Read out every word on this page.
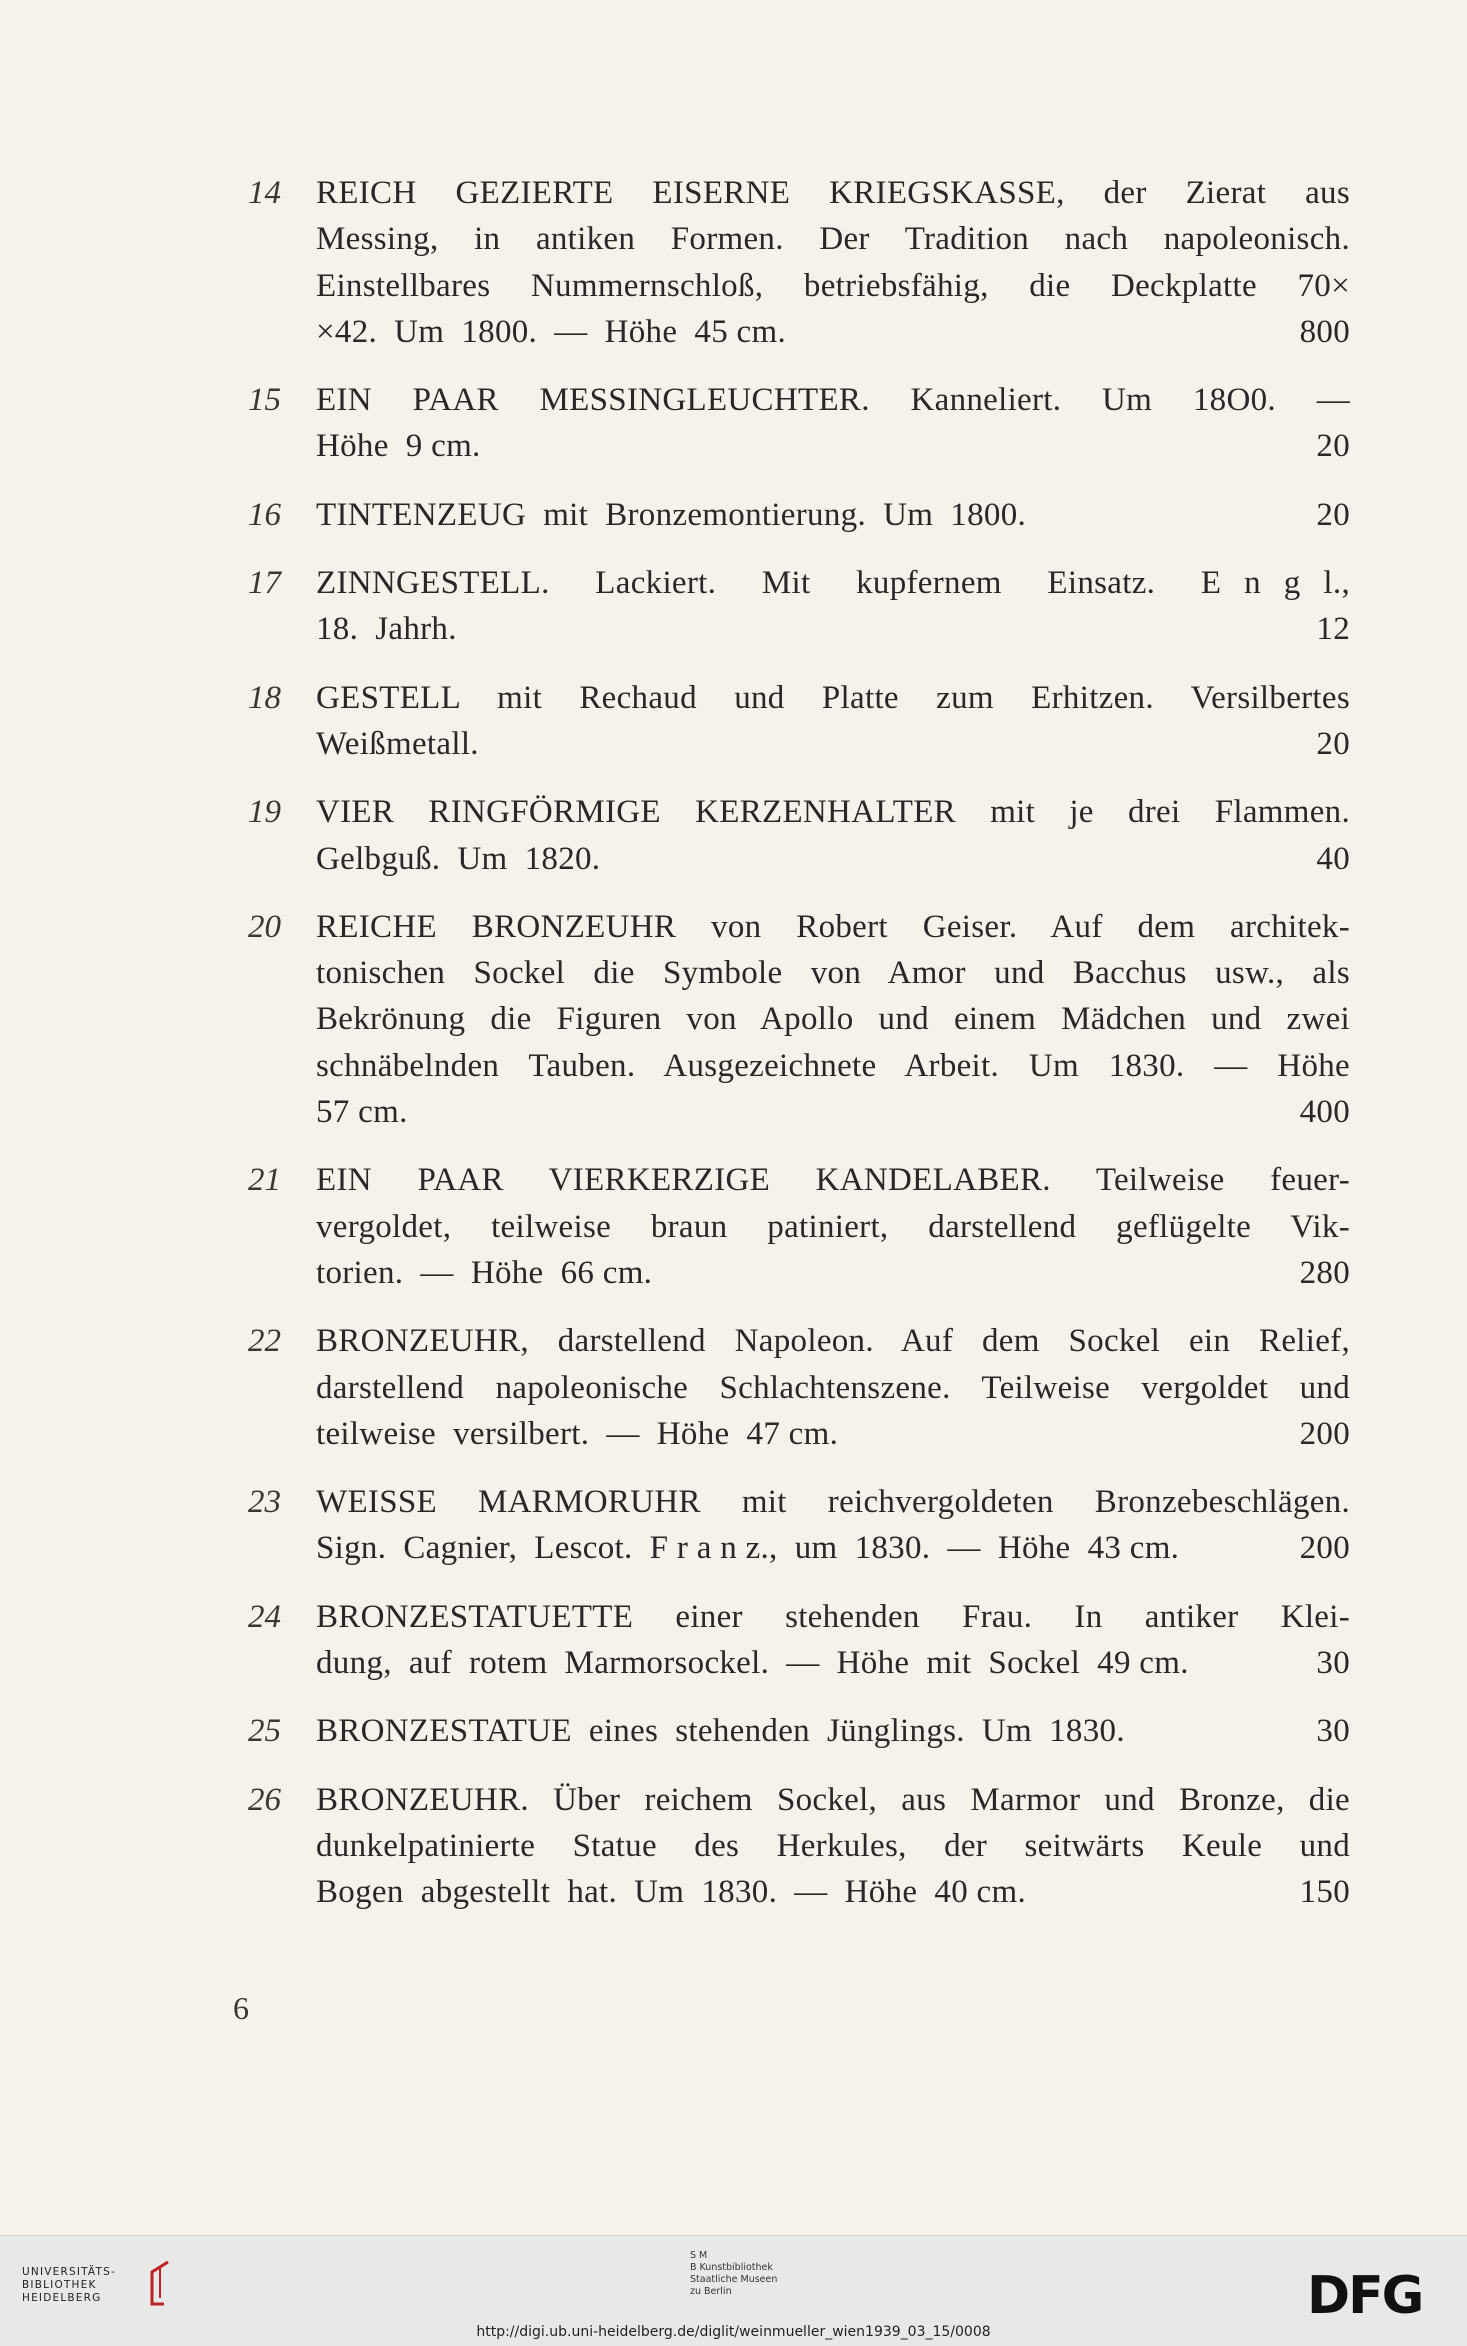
14	REICH  GEZIERTE  EISERNE  KRIEGSKASSE,  der  Zierat  aus
Messing,  in  antiken  Formen.  Der  Tradition  nach  napoleonisch.
Einstellbares  Nummernschloß,  betriebsfähig,  die  Deckplatte  70×
×42.  Um  1800.  —  Höhe  45 cm.	800
15	EIN  PAAR  MESSINGLEUCHTER.  Kanneliert.  Um  18O0.  —
Höhe  9 cm.	20
16	TINTENZEUG  mit  Bronzemontierung.  Um  1800.	20
17	ZINNGESTELL.  Lackiert.  Mit  kupfernem  Einsatz.  E n g l.,
18.  Jahrh.	12
18	GESTELL  mit  Rechaud  und  Platte  zum  Erhitzen.  Versilbertes
Weißmetall.	20
19	VIER  RINGFÖRMIGE  KERZENHALTER  mit  je  drei  Flammen.
Gelbguß.  Um  1820.	40
20	REICHE  BRONZEUHR  von  Robert  Geiser.  Auf  dem  architek-
tonischen  Sockel  die  Symbole  von  Amor  und  Bacchus  usw.,  als
Bekrönung  die  Figuren  von  Apollo  und  einem  Mädchen  und  zwei
schnäbelnden  Tauben.  Ausgezeichnete  Arbeit.  Um  1830.  —  Höhe
57 cm.	400
21	EIN  PAAR  VIERKERZIGE  KANDELABER.  Teilweise  feuer-
vergoldet,  teilweise  braun  patiniert,  darstellend  geflügelte  Vik-
torien.  —  Höhe  66 cm.	280
22	BRONZEUHR,  darstellend  Napoleon.  Auf  dem  Sockel  ein  Relief,
darstellend  napoleonische  Schlachtenszene.  Teilweise  vergoldet  und
teilweise  versilbert.  —  Höhe  47 cm.	200
23	WEISSE  MARMORUHR  mit  reichvergoldeten  Bronzebeschlägen.
Sign.  Cagnier,  Lescot.  F r a n z.,  um  1830.  —  Höhe  43 cm.	200
24	BRONZESTATUETTE  einer  stehenden  Frau.  In  antiker  Klei-
dung,  auf  rotem  Marmorsockel.  —  Höhe  mit  Sockel  49 cm.	30
25	BRONZESTATUE  eines  stehenden  Jünglings.  Um  1830.	30
26	BRONZEUHR.  Über  reichem  Sockel,  aus  Marmor  und  Bronze,  die
dunkelpatinierte  Statue  des  Herkules,  der  seitwärts  Keule  und
Bogen  abgestellt  hat.  Um  1830.  —  Höhe  40 cm.	150
6
UNIVERSITÄTS-
BIBLIOTHEK
HEIDELBERG
S M
B Kunstbibliothek
Staatliche Museen
zu Berlin	DFG
http://digi.ub.uni-heidelberg.de/diglit/weinmueller_wien1939_03_15/0008
